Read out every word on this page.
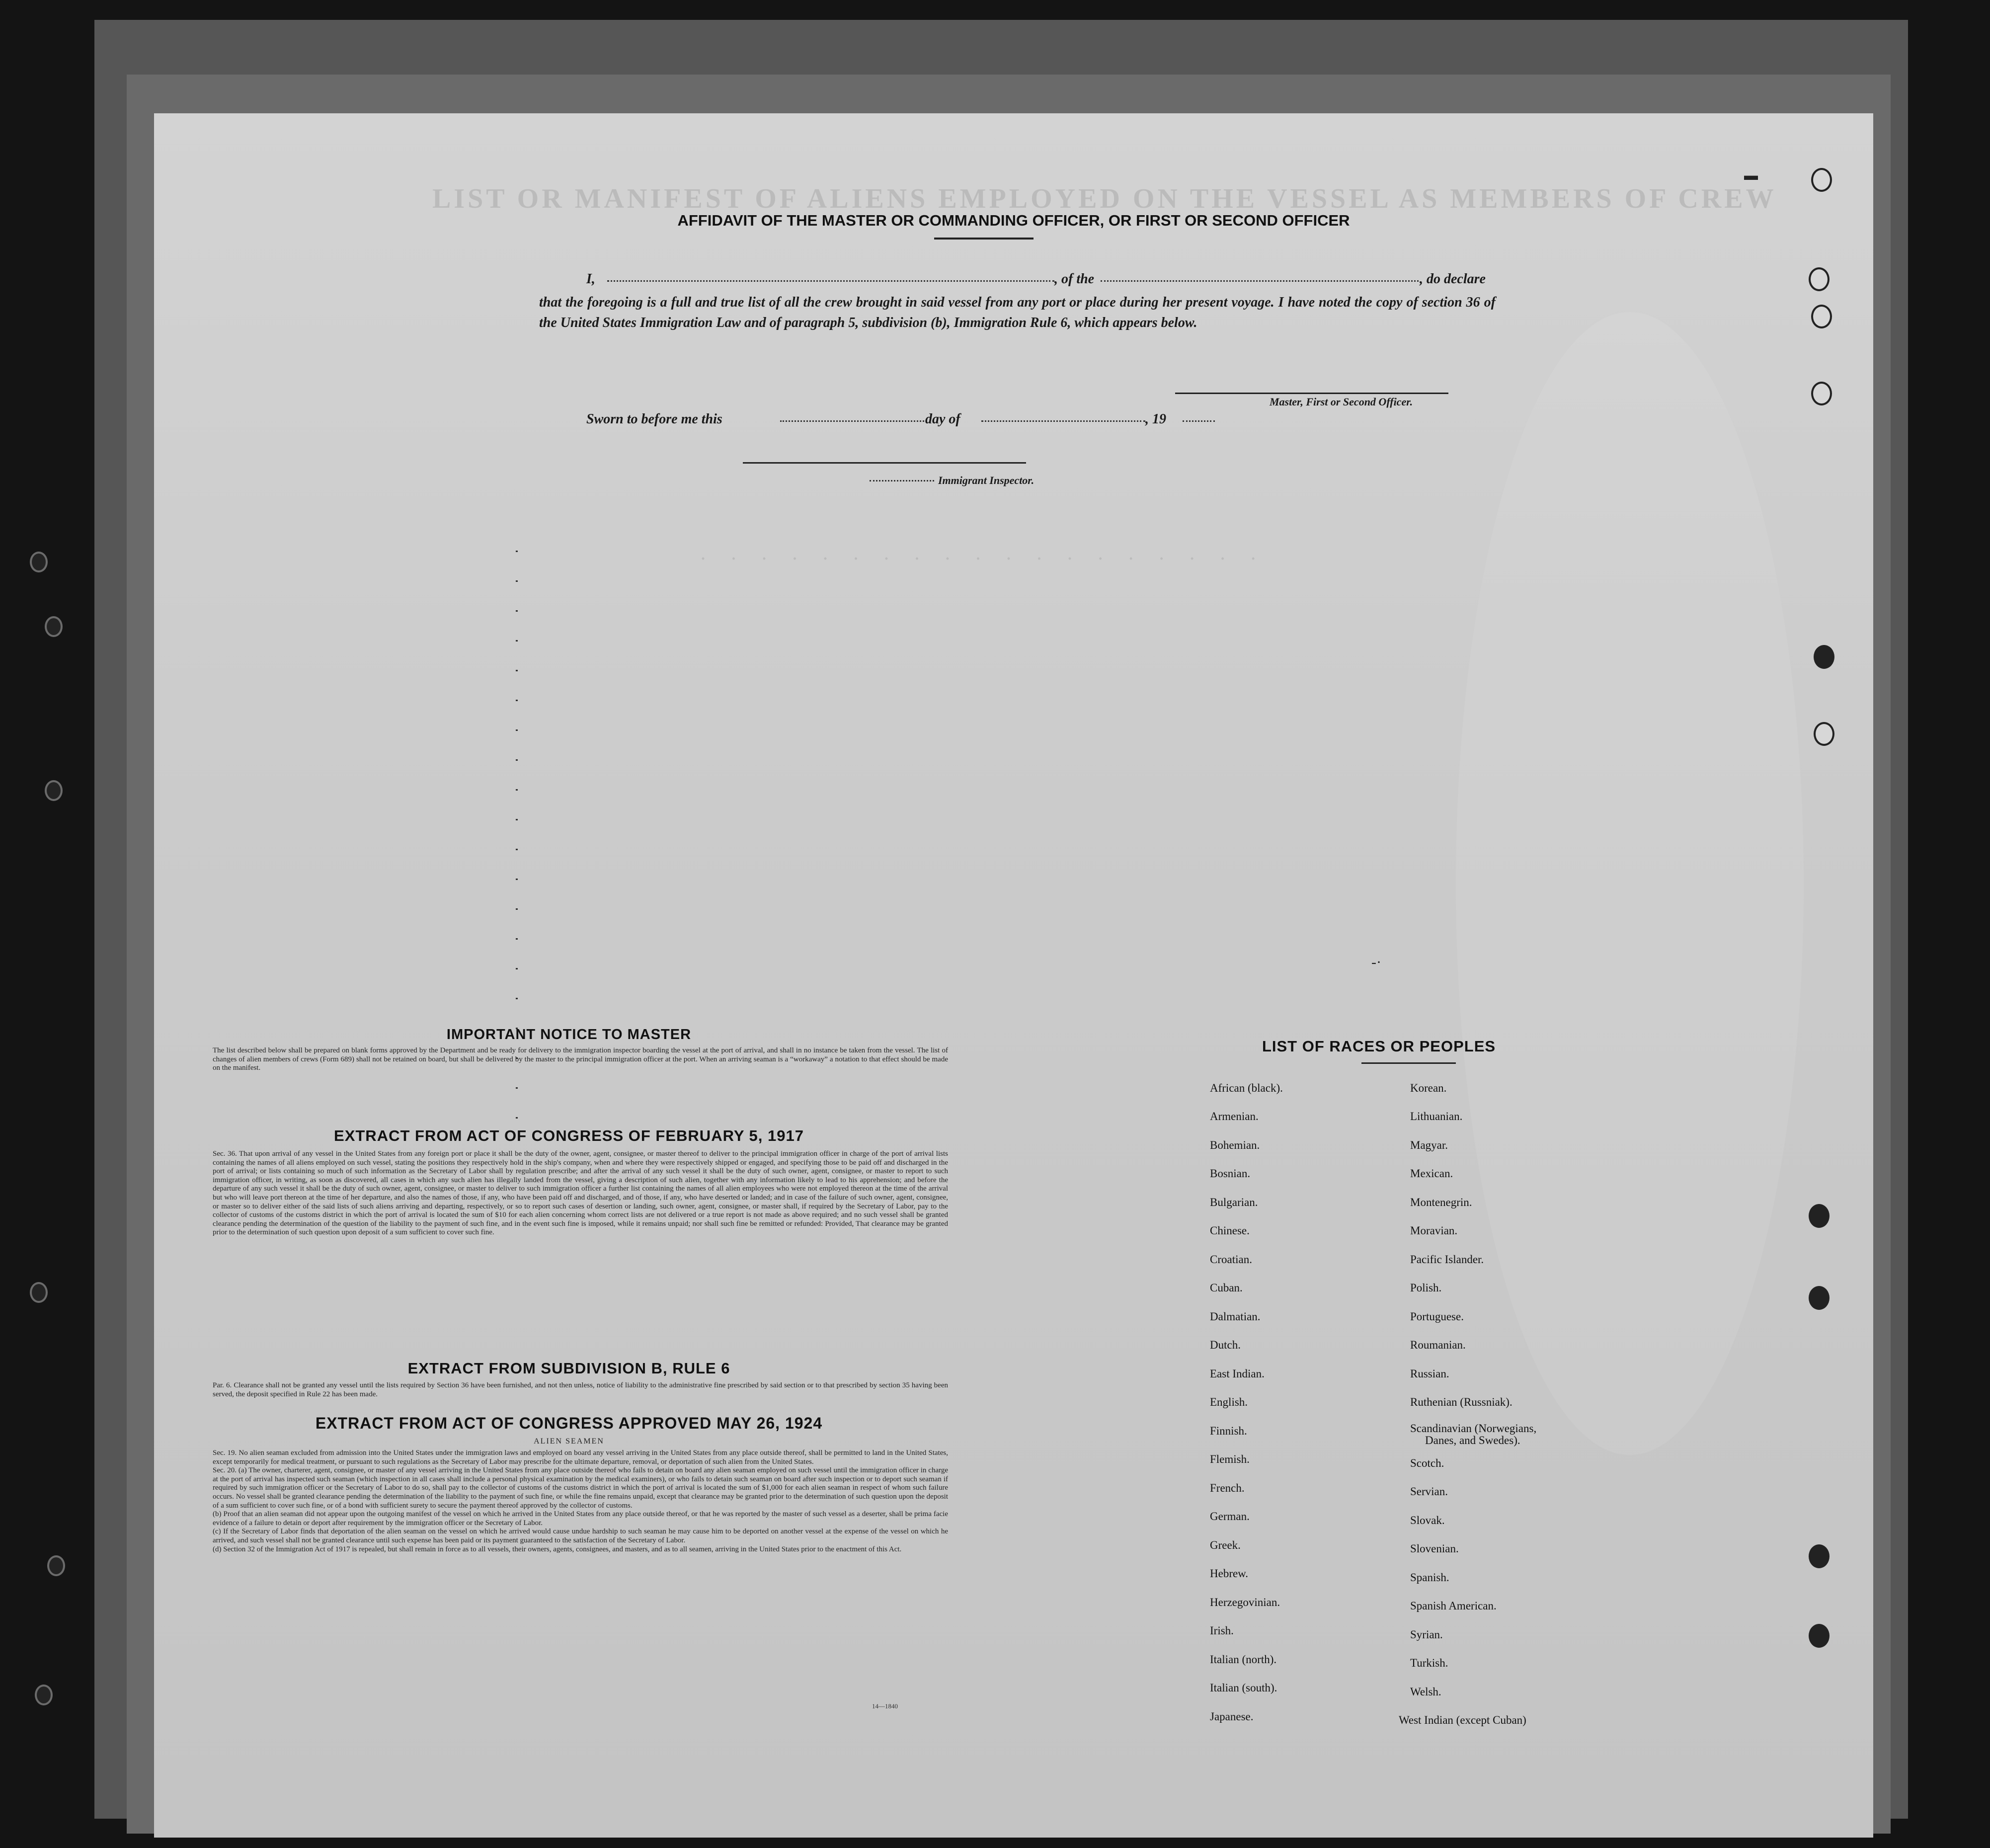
LIST OR MANIFEST OF ALIENS EMPLOYED ON THE VESSEL AS MEMBERS OF CREW
· · · · · · · · · · · · · · · · · · ·
▬
AFFIDAVIT OF THE MASTER OR COMMANDING OFFICER, OR FIRST OR SECOND OFFICER
I,	, of the	, do declare
that the foregoing is a full and true list of all the crew brought in said vessel from any port or place during her present voyage. I have noted the copy of section 36 of the United States Immigration Law and of paragraph 5, subdivision (b), Immigration Rule 6, which appears below.
Master, First or Second Officer.
Sworn to before me this	day of	, 19
Immigrant Inspector.
-·
IMPORTANT NOTICE TO MASTER
The list described below shall be prepared on blank forms approved by the Department and be ready for delivery to the immigration inspector boarding the vessel at the port of arrival, and shall in no instance be taken from the vessel. The list of changes of alien members of crews (Form 689) shall not be retained on board, but shall be delivered by the master to the principal immigration officer at the port. When an arriving seaman is a “workaway” a notation to that effect should be made on the manifest.
EXTRACT FROM ACT OF CONGRESS OF FEBRUARY 5, 1917
Sec. 36. That upon arrival of any vessel in the United States from any foreign port or place it shall be the duty of the owner, agent, consignee, or master thereof to deliver to the principal immigration officer in charge of the port of arrival lists containing the names of all aliens employed on such vessel, stating the positions they respectively hold in the ship's company, when and where they were respectively shipped or engaged, and specifying those to be paid off and discharged in the port of arrival; or lists containing so much of such information as the Secretary of Labor shall by regulation prescribe; and after the arrival of any such vessel it shall be the duty of such owner, agent, consignee, or master to report to such immigration officer, in writing, as soon as discovered, all cases in which any such alien has illegally landed from the vessel, giving a description of such alien, together with any information likely to lead to his apprehension; and before the departure of any such vessel it shall be the duty of such owner, agent, consignee, or master to deliver to such immigration officer a further list containing the names of all alien employees who were not employed thereon at the time of the arrival but who will leave port thereon at the time of her departure, and also the names of those, if any, who have been paid off and discharged, and of those, if any, who have deserted or landed; and in case of the failure of such owner, agent, consignee, or master so to deliver either of the said lists of such aliens arriving and departing, respectively, or so to report such cases of desertion or landing, such owner, agent, consignee, or master shall, if required by the Secretary of Labor, pay to the collector of customs of the customs district in which the port of arrival is located the sum of $10 for each alien concerning whom correct lists are not delivered or a true report is not made as above required; and no such vessel shall be granted clearance pending the determination of the question of the liability to the payment of such fine, and in the event such fine is imposed, while it remains unpaid; nor shall such fine be remitted or refunded: Provided, That clearance may be granted prior to the determination of such question upon deposit of a sum sufficient to cover such fine.
EXTRACT FROM SUBDIVISION B, RULE 6
Par. 6. Clearance shall not be granted any vessel until the lists required by Section 36 have been furnished, and not then unless, notice of liability to the administrative fine prescribed by said section or to that prescribed by section 35 having been served, the deposit specified in Rule 22 has been made.
EXTRACT FROM ACT OF CONGRESS APPROVED MAY 26, 1924
ALIEN SEAMEN

Sec. 19. No alien seaman excluded from admission into the United States under the immigration laws and employed on board any vessel arriving in the United States from any place outside thereof, shall be permitted to land in the United States, except temporarily for medical treatment, or pursuant to such regulations as the Secretary of Labor may prescribe for the ultimate departure, removal, or deportation of such alien from the United States.

Sec. 20. (a) The owner, charterer, agent, consignee, or master of any vessel arriving in the United States from any place outside thereof who fails to detain on board any alien seaman employed on such vessel until the immigration officer in charge at the port of arrival has inspected such seaman (which inspection in all cases shall include a personal physical examination by the medical examiners), or who fails to detain such seaman on board after such inspection or to deport such seaman if required by such immigration officer or the Secretary of Labor to do so, shall pay to the collector of customs of the customs district in which the port of arrival is located the sum of $1,000 for each alien seaman in respect of whom such failure occurs. No vessel shall be granted clearance pending the determination of the liability to the payment of such fine, or while the fine remains unpaid, except that clearance may be granted prior to the determination of such question upon the deposit of a sum sufficient to cover such fine, or of a bond with sufficient surety to secure the payment thereof approved by the collector of customs.

(b) Proof that an alien seaman did not appear upon the outgoing manifest of the vessel on which he arrived in the United States from any place outside thereof, or that he was reported by the master of such vessel as a deserter, shall be prima facie evidence of a failure to detain or deport after requirement by the immigration officer or the Secretary of Labor.

(c) If the Secretary of Labor finds that deportation of the alien seaman on the vessel on which he arrived would cause undue hardship to such seaman he may cause him to be deported on another vessel at the expense of the vessel on which he arrived, and such vessel shall not be granted clearance until such expense has been paid or its payment guaranteed to the satisfaction of the Secretary of Labor.

(d) Section 32 of the Immigration Act of 1917 is repealed, but shall remain in force as to all vessels, their owners, agents, consignees, and masters, and as to all seamen, arriving in the United States prior to the enactment of this Act.

14—1840
LIST OF RACES OR PEOPLES
African (black).
Armenian.
Bohemian.
Bosnian.
Bulgarian.
Chinese.
Croatian.
Cuban.
Dalmatian.
Dutch.
East Indian.
English.
Finnish.
Flemish.
French.
German.
Greek.
Hebrew.
Herzegovinian.
Irish.
Italian (north).
Italian (south).
Japanese.
Korean.
Lithuanian.
Magyar.
Mexican.
Montenegrin.
Moravian.
Pacific Islander.
Polish.
Portuguese.
Roumanian.
Russian.
Ruthenian (Russniak).
Scandinavian (Norwegians,
Danes, and Swedes).
Scotch.
Servian.
Slovak.
Slovenian.
Spanish.
Spanish American.
Syrian.
Turkish.
Welsh.
West Indian (except Cuban)
